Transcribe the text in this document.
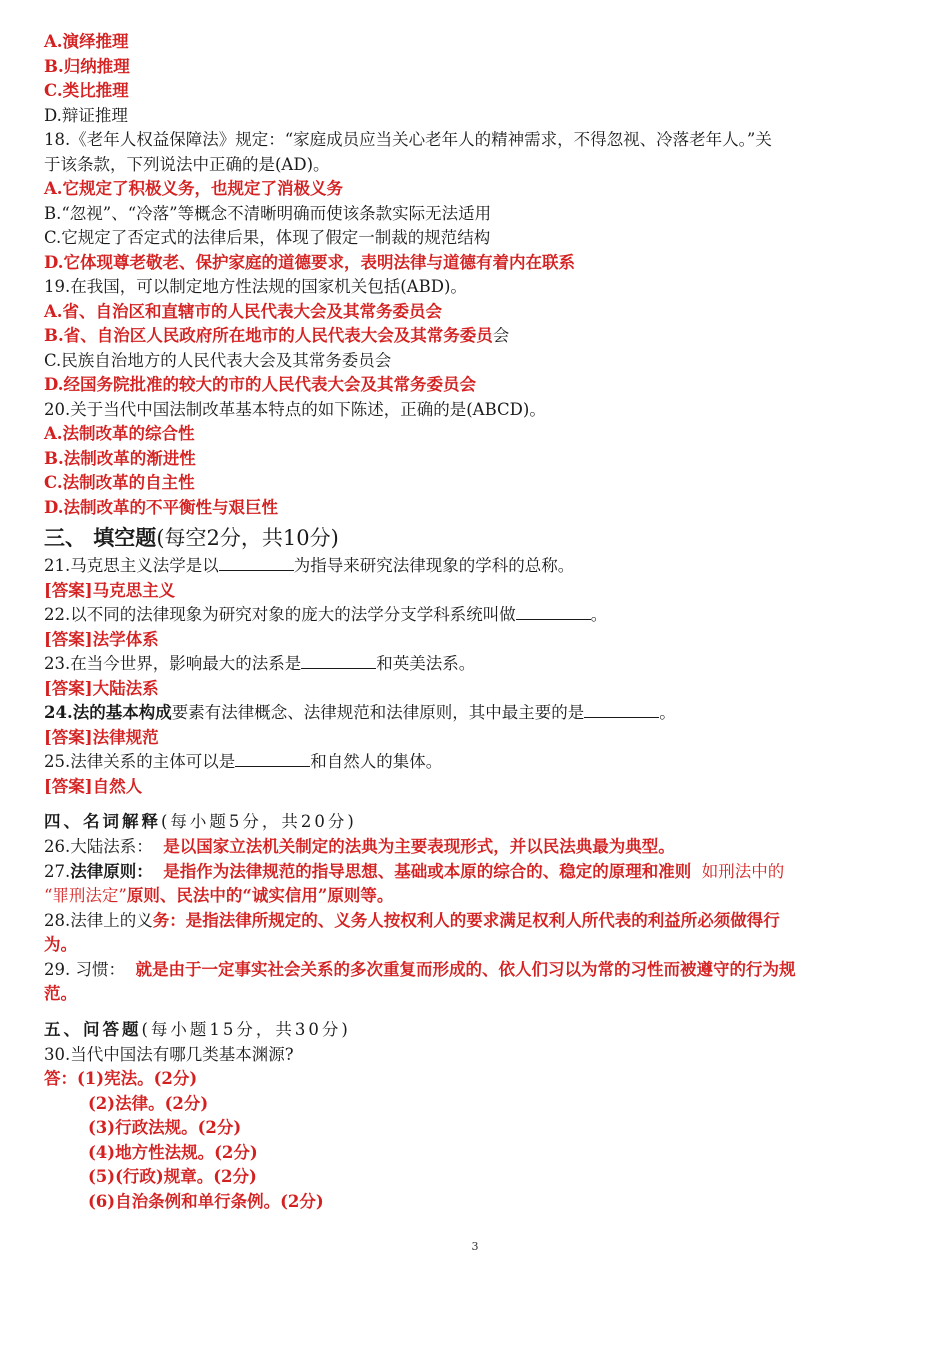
A.演绎推理
B.归纳推理
C.类比推理
D.辩证推理
18.《老年人权益保障法》规定：“家庭成员应当关心老年人的精神需求，不得忽视、冷落老年人。”关
于该条款，下列说法中正确的是(AD)。
A.它规定了积极义务，也规定了消极义务
B.“忽视”、“冷落”等概念不清晰明确而使该条款实际无法适用
C.它规定了否定式的法律后果，体现了假定一制裁的规范结构
D.它体现尊老敬老、保护家庭的道德要求，表明法律与道德有着内在联系
19.在我国，可以制定地方性法规的国家机关包括(ABD)。
A.省、自治区和直辖市的人民代表大会及其常务委员会
B.省、自治区人民政府所在地市的人民代表大会及其常务委员会
C.民族自治地方的人民代表大会及其常务委员会
D.经国务院批准的较大的市的人民代表大会及其常务委员会
20.关于当代中国法制改革基本特点的如下陈述，正确的是(ABCD)。
A.法制改革的综合性
B.法制改革的渐进性
C.法制改革的自主性
D.法制改革的不平衡性与艰巨性
三、 填空题(每空2分，共10分)
21.马克思主义法学是以	为指导来研究法律现象的学科的总称。
[答案]马克思主义
22.以不同的法律现象为研究对象的庞大的法学分支学科系统叫做	。
[答案]法学体系
23.在当今世界，影响最大的法系是	和英美法系。
[答案]大陆法系
24.法的基本构成要素有法律概念、法律规范和法律原则，其中最主要的是	。
[答案]法律规范
25.法律关系的主体可以是	和自然人的集体。
[答案]自然人
四、名词解释(每小题5分，共20分)
26.大陆法系： 是以国家立法机关制定的法典为主要表现形式，并以民法典最为典型。
27.法律原则： 是指作为法律规范的指导思想、基础或本原的综合的、稳定的原理和准则 如刑法中的
“罪刑法定”原则、民法中的“诚实信用”原则等。
28.法律上的义务：是指法律所规定的、义务人按权利人的要求满足权利人所代表的利益所必须做得行
为。
29. 习惯： 就是由于一定事实社会关系的多次重复而形成的、依人们习以为常的习性而被遵守的行为规
范。
五、问答题(每小题15分，共30分)
30.当代中国法有哪几类基本渊源?
答：(1)宪法。(2分)
(2)法律。(2分)
(3)行政法规。(2分)
(4)地方性法规。(2分)
(5)(行政)规章。(2分)
(6)自治条例和单行条例。(2分)
3
